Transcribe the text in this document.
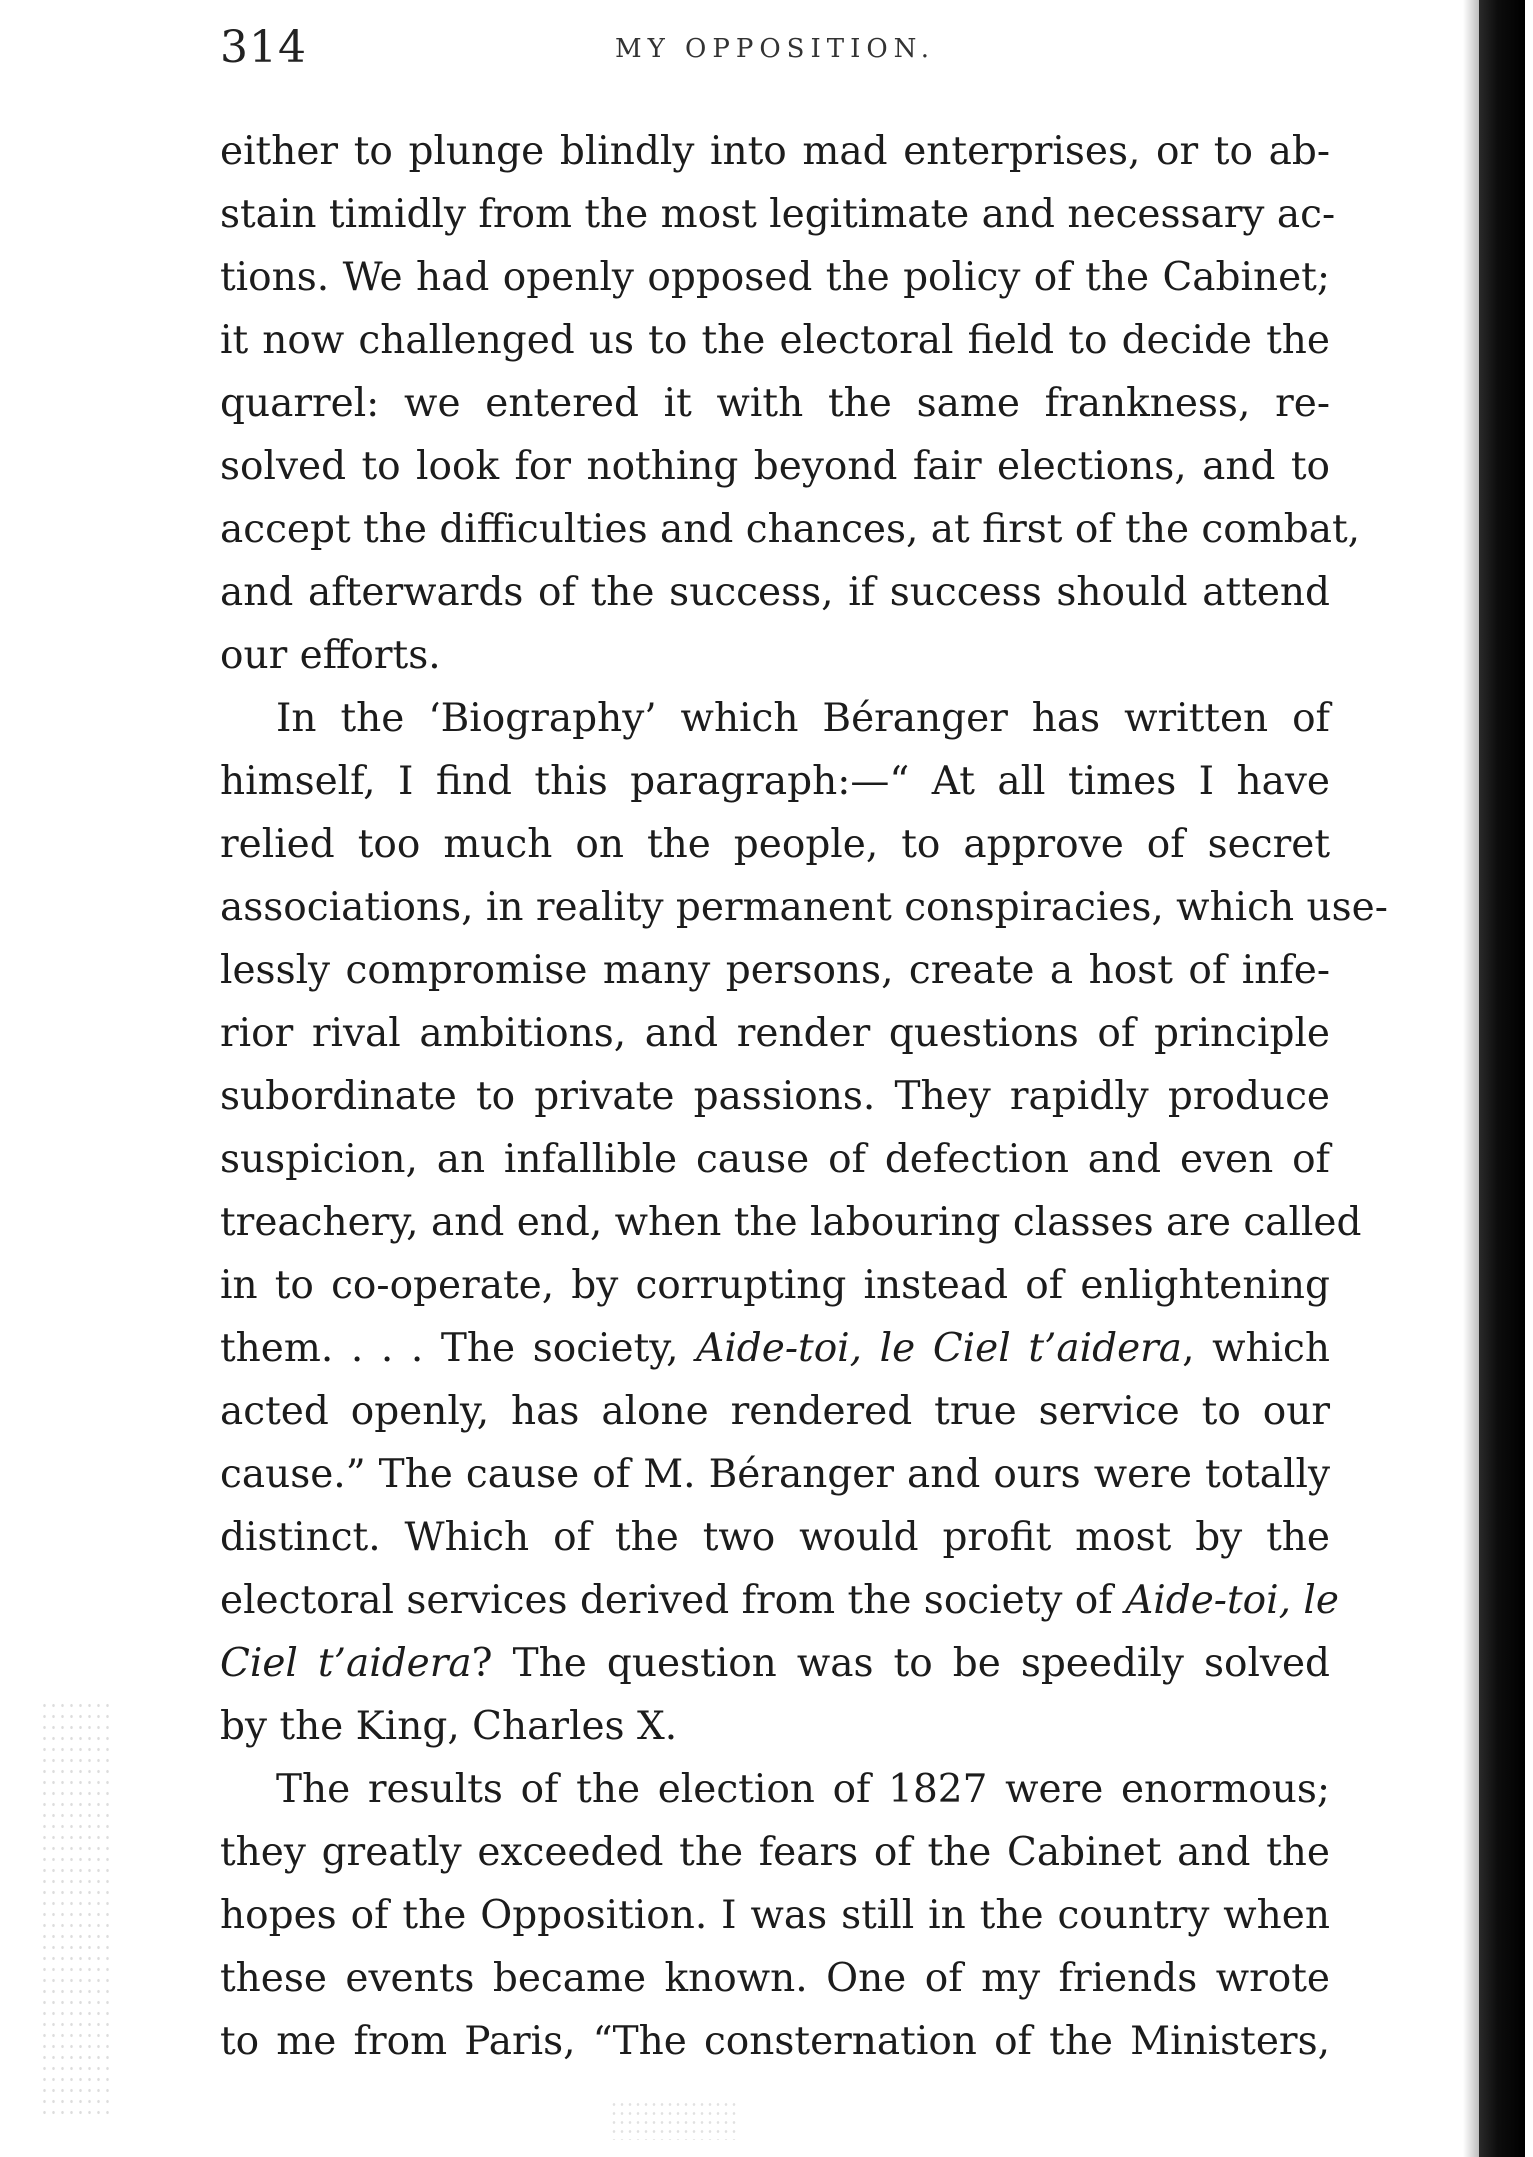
314	MY OPPOSITION.
either to plunge blindly into mad enterprises, or to ab-
stain timidly from the most legitimate and necessary ac-
tions. We had openly opposed the policy of the Cabinet;
it now challenged us to the electoral field to decide the
quarrel: we entered it with the same frankness, re-
solved to look for nothing beyond fair elections, and to
accept the difficulties and chances, at first of the combat,
and afterwards of the success, if success should attend
our efforts.
In the ‘Biography’ which Béranger has written of
himself, I find this paragraph:—“ At all times I have
relied too much on the people, to approve of secret
associations, in reality permanent conspiracies, which use-
lessly compromise many persons, create a host of infe-
rior rival ambitions, and render questions of principle
subordinate to private passions. They rapidly produce
suspicion, an infallible cause of defection and even of
treachery, and end, when the labouring classes are called
in to co-operate, by corrupting instead of enlightening
them. . . . The society, Aide-toi, le Ciel t’aidera, which
acted openly, has alone rendered true service to our
cause.” The cause of M. Béranger and ours were totally
distinct. Which of the two would profit most by the
electoral services derived from the society of Aide-toi, le
Ciel t’aidera? The question was to be speedily solved
by the King, Charles X.
The results of the election of 1827 were enormous;
they greatly exceeded the fears of the Cabinet and the
hopes of the Opposition. I was still in the country when
these events became known. One of my friends wrote
to me from Paris, “The consternation of the Ministers,
